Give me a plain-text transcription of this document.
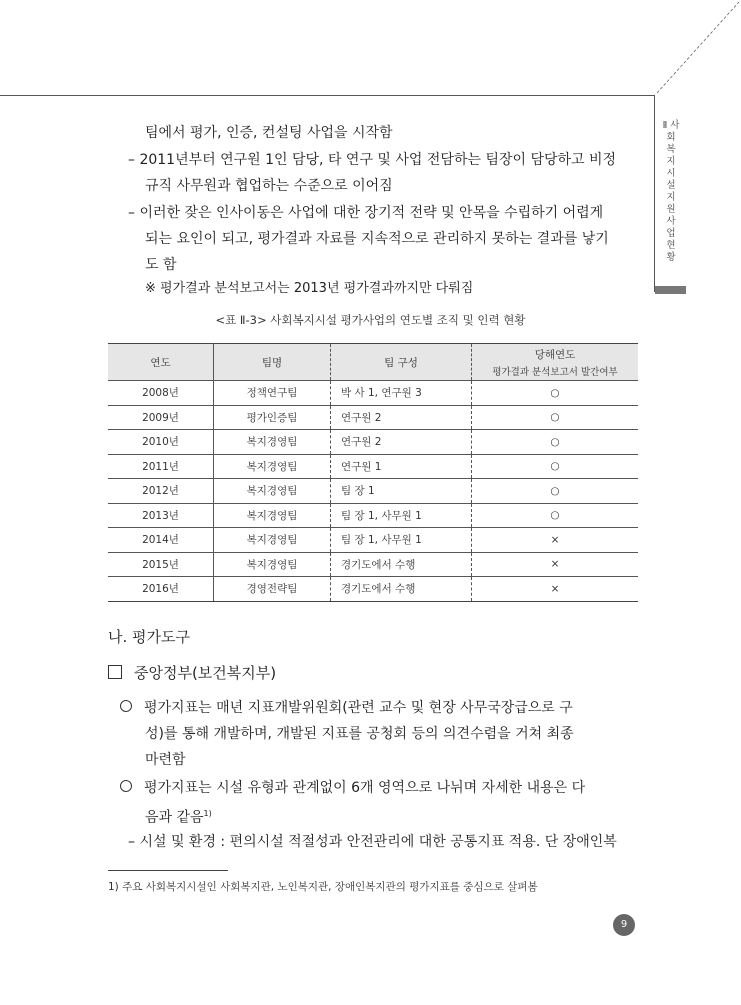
Ⅱ 사회복지시설 지원사업 현황
팀에서 평가, 인증, 컨설팅 사업을 시작함
– 2011년부터 연구원 1인 담당, 타 연구 및 사업 전담하는 팀장이 담당하고 비정
규직 사무원과 협업하는 수준으로 이어짐
– 이러한 잦은 인사이동은 사업에 대한 장기적 전략 및 안목을 수립하기 어렵게
되는 요인이 되고, 평가결과 자료를 지속적으로 관리하지 못하는 결과를 낳기
도 함
※ 평가결과 분석보고서는 2013년 평가결과까지만 다뤄짐
<표 Ⅱ-3> 사회복지시설 평가사업의 연도별 조직 및 인력 현황
연도	팀명	팀 구성	당해연도
평가결과 분석보고서 발간여부

2008년	정책연구팀	박 사 1, 연구원 3	○
2009년	평가인증팀	연구원 2	○
2010년	복지경영팀	연구원 2	○
2011년	복지경영팀	연구원 1	○
2012년	복지경영팀	팀 장 1	○
2013년	복지경영팀	팀 장 1, 사무원 1	○
2014년	복지경영팀	팀 장 1, 사무원 1	×
2015년	복지경영팀	경기도에서 수행	×
2016년	경영전략팀	경기도에서 수행	×
나. 평가도구
중앙정부(보건복지부)
평가지표는 매년 지표개발위원회(관련 교수 및 현장 사무국장급으로 구
성)를 통해 개발하며, 개발된 지표를 공청회 등의 의견수렴을 거쳐 최종
마련함
평가지표는 시설 유형과 관계없이 6개 영역으로 나뉘며 자세한 내용은 다
음과 같음$^{1)}$
– 시설 및 환경 : 편의시설 적절성과 안전관리에 대한 공통지표 적용. 단 장애인복
1) 주요 사회복지시설인 사회복지관, 노인복지관, 장애인복지관의 평가지표를 중심으로 살펴봄
9
